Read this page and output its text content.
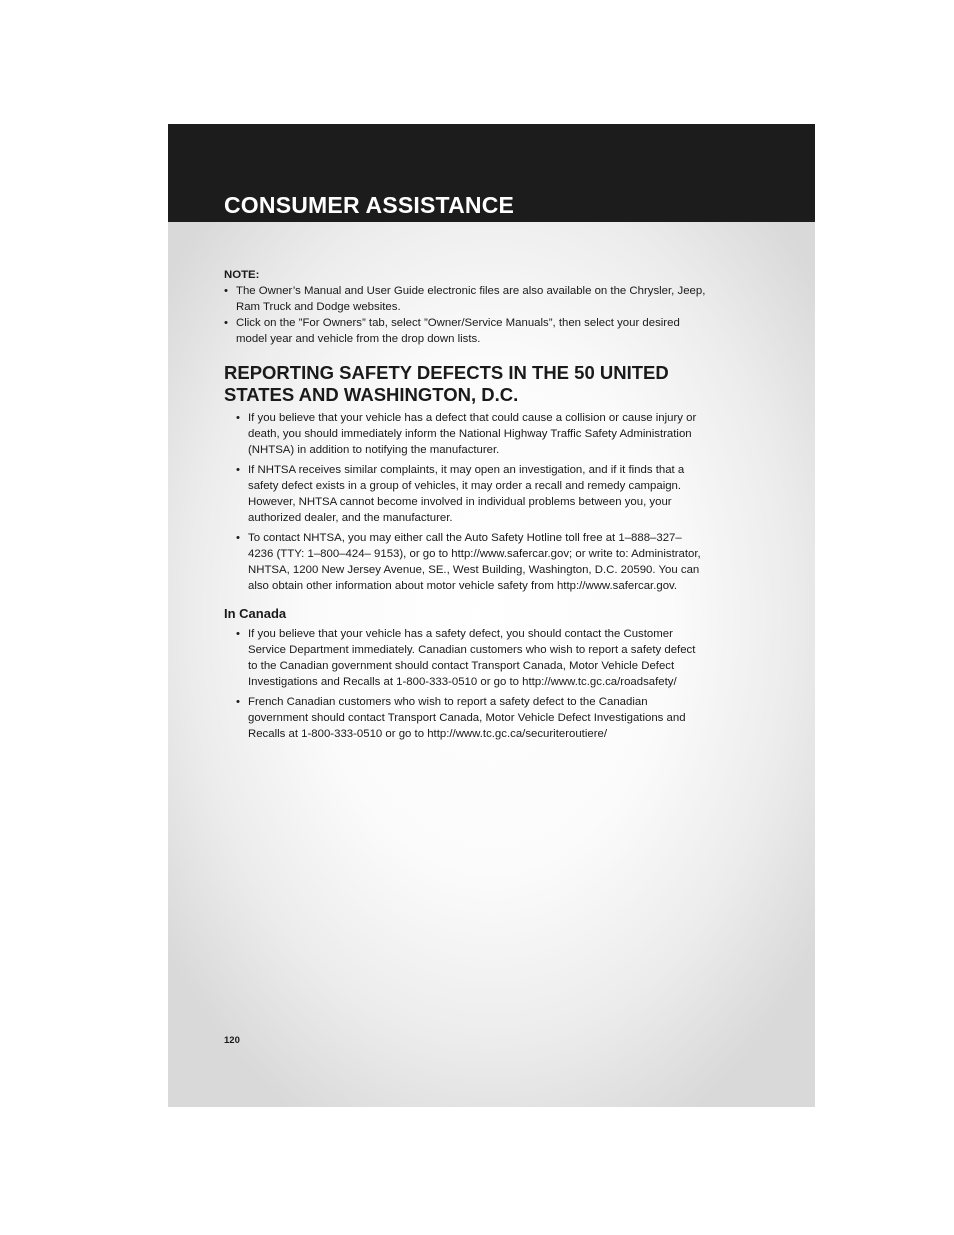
CONSUMER ASSISTANCE

NOTE:

• The Owner’s Manual and User Guide electronic files are also available on the Chrysler, Jeep, Ram Truck and Dodge websites.
• Click on the ”For Owners” tab, select ”Owner/Service Manuals”, then select your desired model year and vehicle from the drop down lists.
REPORTING SAFETY DEFECTS IN THE 50 UNITED STATES AND WASHINGTON, D.C.
• If you believe that your vehicle has a defect that could cause a collision or cause injury or death, you should immediately inform the National Highway Traffic Safety Administration (NHTSA) in addition to notifying the manufacturer.
• If NHTSA receives similar complaints, it may open an investigation, and if it finds that a safety defect exists in a group of vehicles, it may order a recall and remedy campaign. However, NHTSA cannot become involved in individual problems between you, your authorized dealer, and the manufacturer.
• To contact NHTSA, you may either call the Auto Safety Hotline toll free at 1–888–327–4236 (TTY: 1–800–424– 9153), or go to http://www.safercar.gov; or write to: Administrator, NHTSA, 1200 New Jersey Avenue, SE., West Building, Washington, D.C. 20590. You can also obtain other information about motor vehicle safety from http://www.safercar.gov.
In Canada
• If you believe that your vehicle has a safety defect, you should contact the Customer Service Department immediately. Canadian customers who wish to report a safety defect to the Canadian government should contact Transport Canada, Motor Vehicle Defect Investigations and Recalls at 1-800-333-0510 or go to http://www.tc.gc.ca/roadsafety/
• French Canadian customers who wish to report a safety defect to the Canadian government should contact Transport Canada, Motor Vehicle Defect Investigations and Recalls at 1-800-333-0510 or go to http://www.tc.gc.ca/securiteroutiere/
120
